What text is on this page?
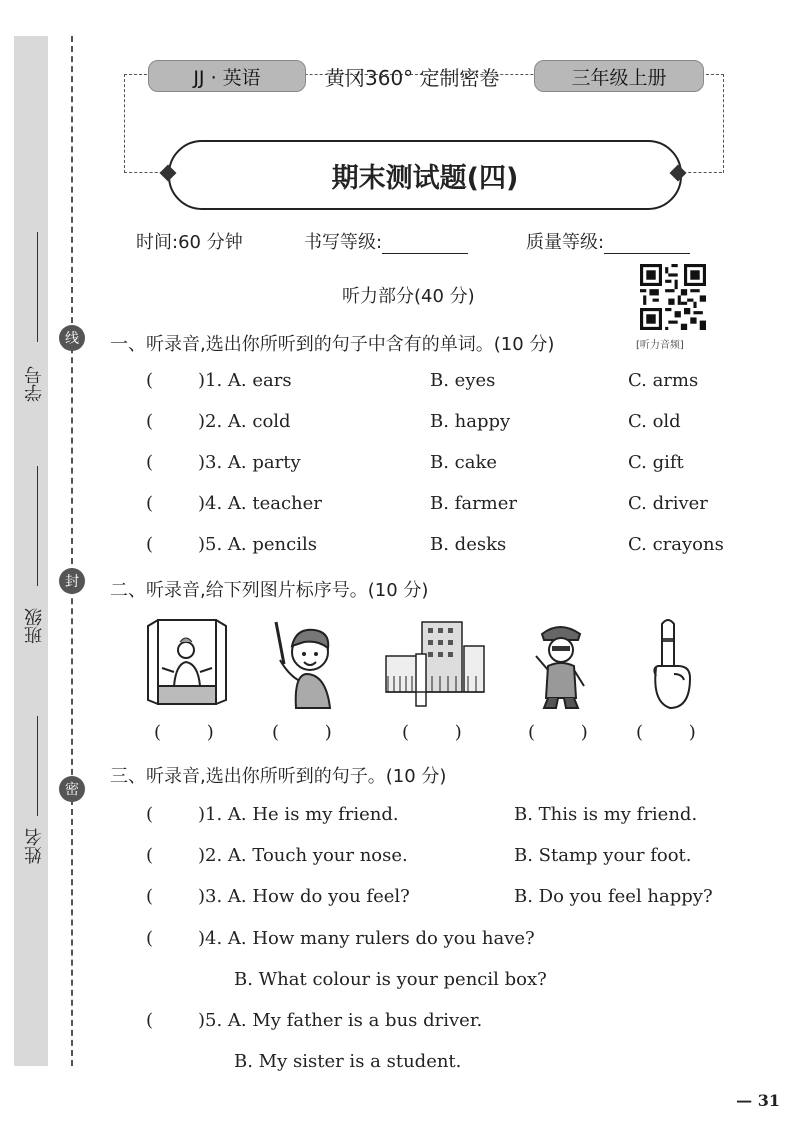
学号
班级
姓名
线
封
密
JJ · 英语	黄冈360° 定制密卷	三年级上册
期末测试题(四)
时间:60 分钟	书写等级:	质量等级:
听力部分(40 分)
[听力音频]
一、听录音,选出你所听到的句子中含有的单词。(10 分)
( )1. A. ears	B. eyes	C. arms
( )2. A. cold	B. happy	C. old
( )3. A. party	B. cake	C. gift
( )4. A. teacher	B. farmer	C. driver
( )5. A. pencils	B. desks	C. crayons
二、听录音,给下列图片标序号。(10 分)
(        )	(        )	(        )	(        )	(        )
三、听录音,选出你所听到的句子。(10 分)
( )1. A. He is my friend.	B. This is my friend.
( )2. A. Touch your nose.	B. Stamp your foot.
( )3. A. How do you feel?	B. Do you feel happy?
( )4. A. How many rulers do you have?
B. What colour is your pencil box?
( )5. A. My father is a bus driver.
B. My sister is a student.
— 31
